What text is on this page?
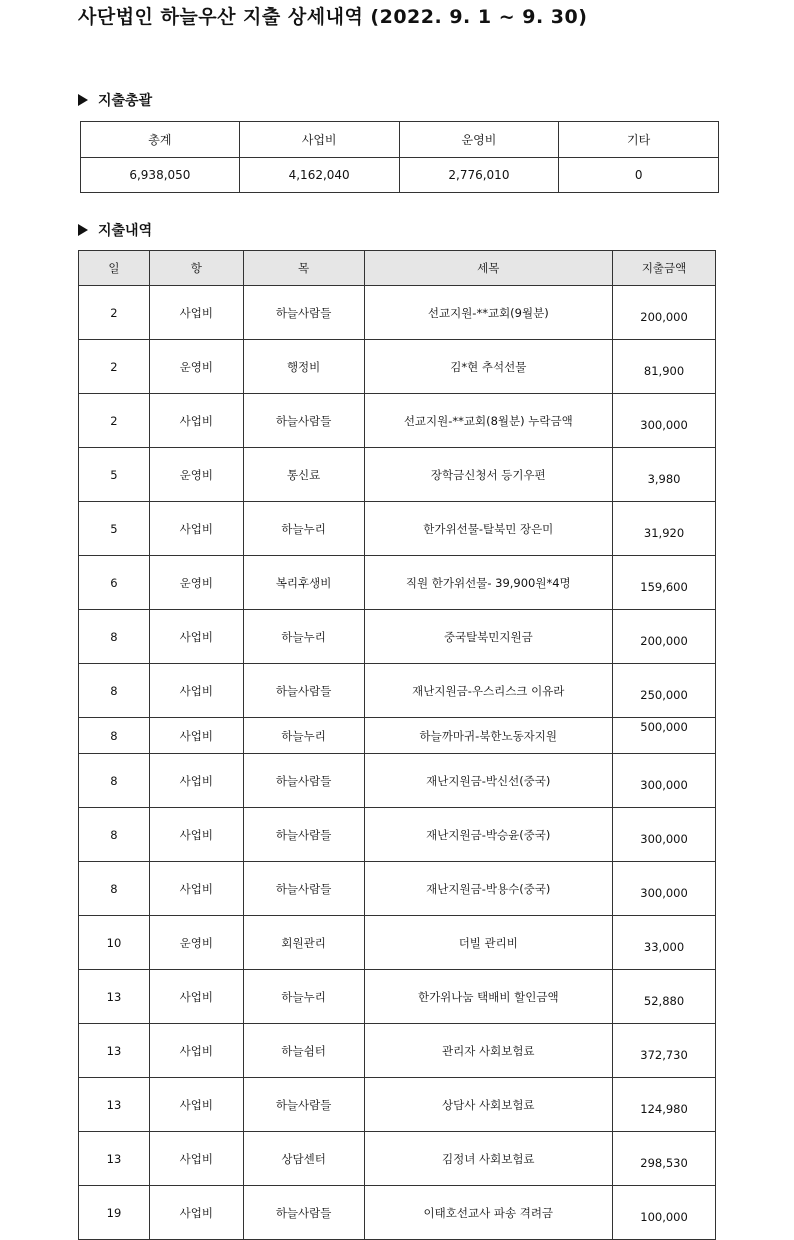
사단법인 하늘우산 지출 상세내역 (2022. 9. 1 ~ 9. 30)
지출총괄
총계	사업비	운영비	기타
6,938,050	4,162,040	2,776,010	0
지출내역
일	항	목	세목	지출금액
2	사업비	하늘사람들	선교지원-**교회(9월분)	200,000
2	운영비	행정비	김*현 추석선물	81,900
2	사업비	하늘사람들	선교지원-**교회(8월분) 누락금액	300,000
5	운영비	통신료	장학금신청서 등기우편	3,980
5	사업비	하늘누리	한가위선물-탈북민 장은미	31,920
6	운영비	복리후생비	직원 한가위선물- 39,900원*4명	159,600
8	사업비	하늘누리	중국탈북민지원금	200,000
8	사업비	하늘사람들	재난지원금-우스리스크 이유라	250,000
8	사업비	하늘누리	하늘까마귀-북한노동자지원	500,000
8	사업비	하늘사람들	재난지원금-박신선(중국)	300,000
8	사업비	하늘사람들	재난지원금-박승윤(중국)	300,000
8	사업비	하늘사람들	재난지원금-박용수(중국)	300,000
10	운영비	회원관리	더빌 관리비	33,000
13	사업비	하늘누리	한가위나눔 택배비 할인금액	52,880
13	사업비	하늘쉼터	관리자 사회보험료	372,730
13	사업비	하늘사람들	상담사 사회보험료	124,980
13	사업비	상담센터	김정녀 사회보험료	298,530
19	사업비	하늘사람들	이태호선교사 파송 격려금	100,000
